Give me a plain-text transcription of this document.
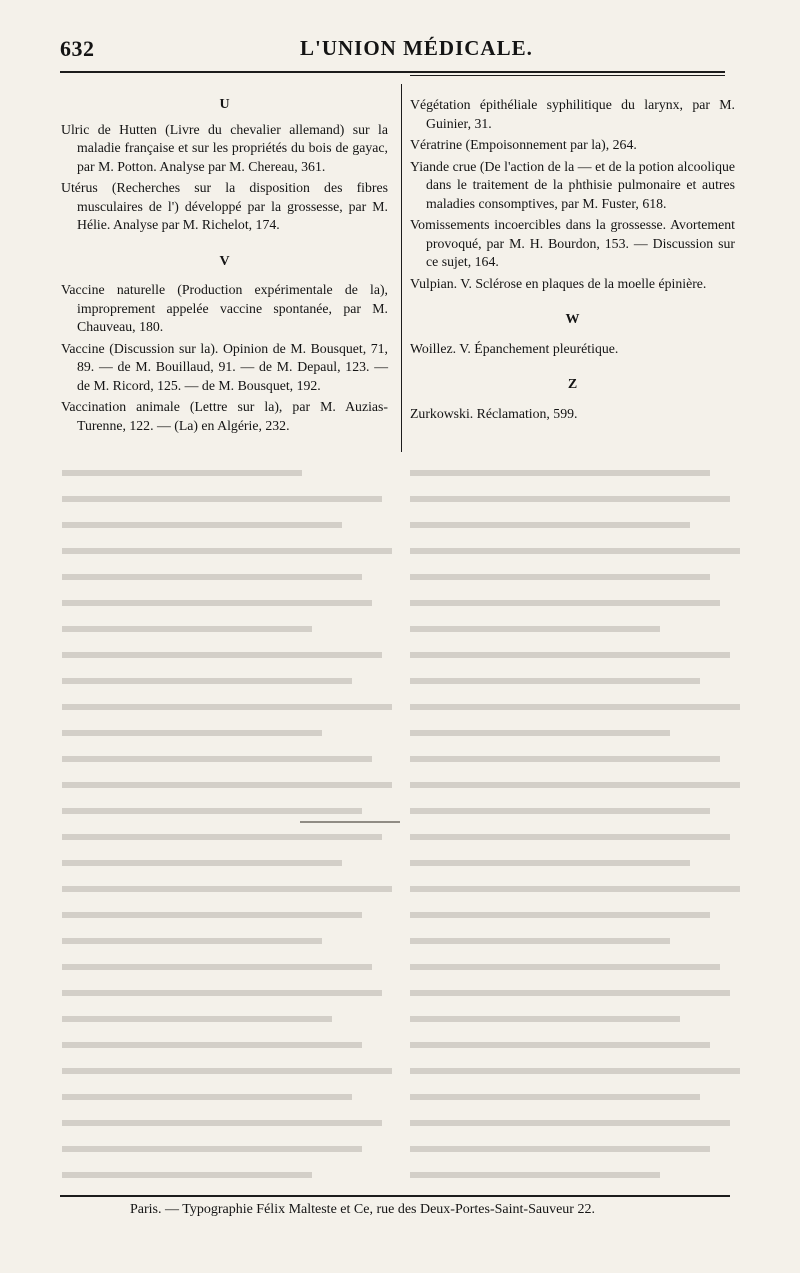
632	L'UNION MÉDICALE.
U
Ulric de Hutten (Livre du chevalier allemand) sur la maladie française et sur les propriétés du bois de gayac, par M. Potton. Analyse par M. Chereau, 361.
Utérus (Recherches sur la disposition des fibres musculaires de l') développé par la grossesse, par M. Hélie. Analyse par M. Richelot, 174.
V
Vaccine naturelle (Production expérimentale de la), improprement appelée vaccine spontanée, par M. Chauveau, 180.
Vaccine (Discussion sur la). Opinion de M. Bousquet, 71, 89. — de M. Bouillaud, 91. — de M. Depaul, 123. — de M. Ricord, 125. — de M. Bousquet, 192.
Vaccination animale (Lettre sur la), par M. Auzias-Turenne, 122. — (La) en Algérie, 232.
Végétation épithéliale syphilitique du larynx, par M. Guinier, 31.
Vératrine (Empoisonnement par la), 264.
Yiande crue (De l'action de la — et de la potion alcoolique dans le traitement de la phthisie pulmonaire et autres maladies consomptives, par M. Fuster, 618.
Vomissements incoercibles dans la grossesse. Avortement provoqué, par M. H. Bourdon, 153. — Discussion sur ce sujet, 164.
Vulpian. V. Sclérose en plaques de la moelle épinière.
W
Woillez. V. Épanchement pleurétique.
Z
Zurkowski. Réclamation, 599.
Paris. — Typographie Félix Malteste et Ce, rue des Deux-Portes-Saint-Sauveur 22.
